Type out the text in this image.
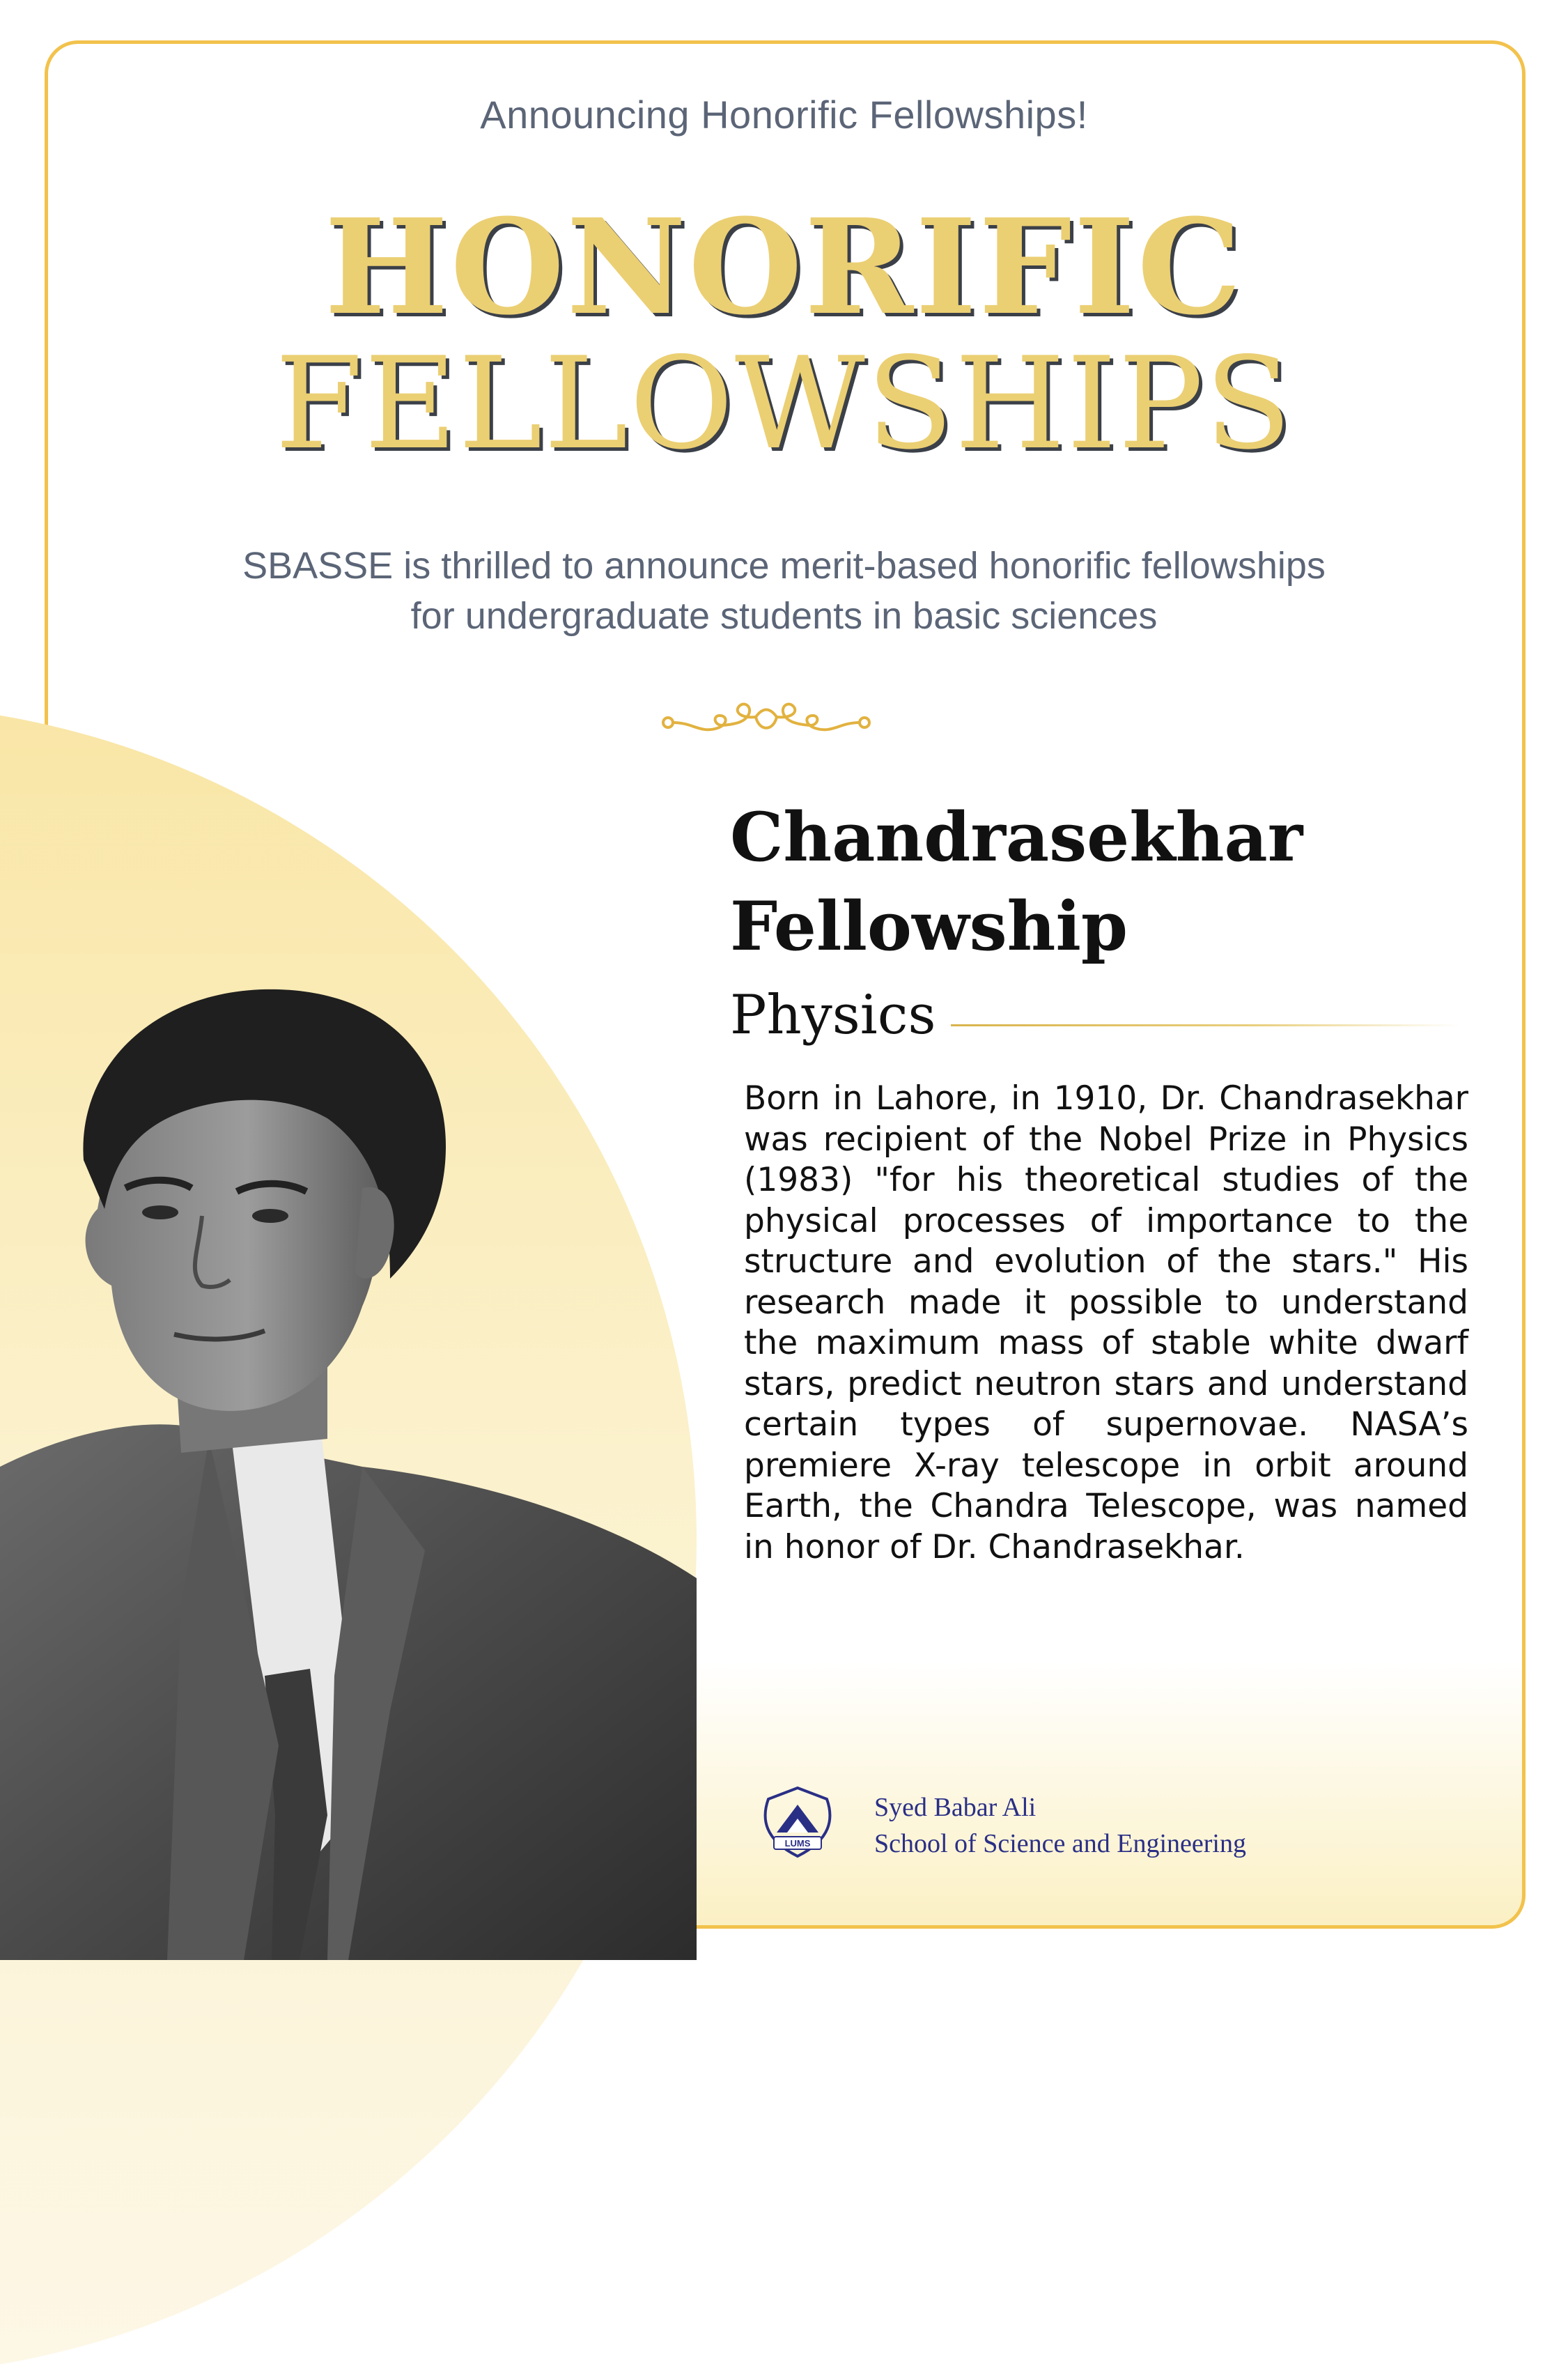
Announcing Honorific Fellowships!
HONORIFIC
FELLOWSHIPS
SBASSE is thrilled to announce merit-based honorific fellowships
for undergraduate students in basic sciences
Chandrasekhar
Fellowship
Physics
Born in Lahore, in 1910, Dr. Chandrasekhar was recipient of the Nobel Prize in Physics (1983) "for his theoretical studies of the physical processes of importance to the structure and evolution of the stars." His research made it possible to understand the maximum mass of stable white dwarf stars, predict neutron stars and understand certain types of supernovae. NASA’s premiere X-ray telescope in orbit around Earth, the Chandra Telescope, was named in honor of Dr. Chandrasekhar.
LUMS
Syed Babar Ali
School of Science and Engineering
